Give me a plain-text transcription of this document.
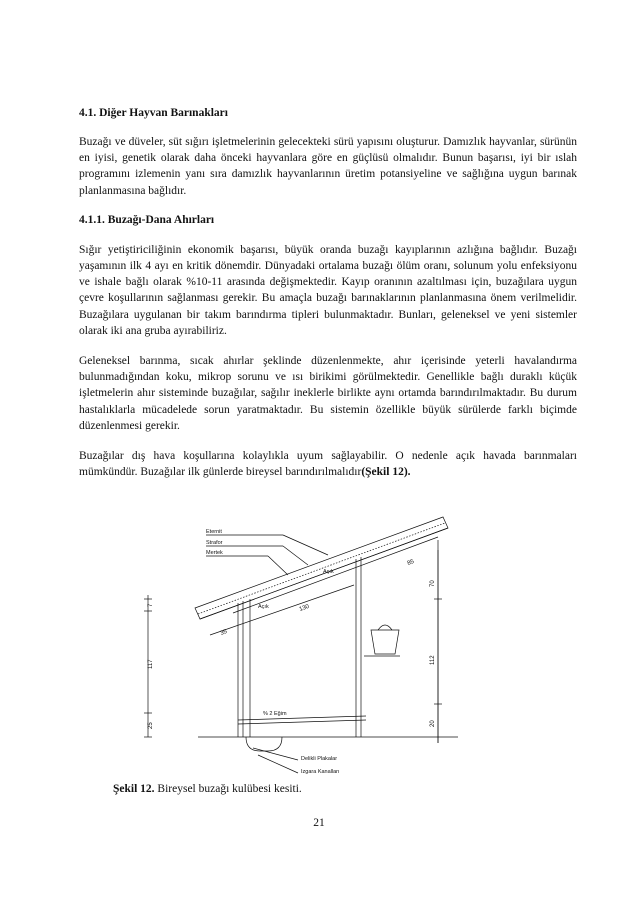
4.1. Diğer Hayvan Barınakları

Buzağı ve düveler, süt sığırı işletmelerinin gelecekteki sürü yapısını oluşturur. Damızlık hayvanlar, sürünün en iyisi, genetik olarak daha önceki hayvanlara göre en güçlüsü olmalıdır. Bunun başarısı, iyi bir ıslah programını izlemenin yanı sıra damızlık hayvanlarının üretim potansiyeline ve sağlığına uygun barınak planlanmasına bağlıdır.

4.1.1. Buzağı-Dana Ahırları

Sığır yetiştiriciliğinin ekonomik başarısı, büyük oranda buzağı kayıplarının azlığına bağlıdır. Buzağı yaşamının ilk 4 ayı en kritik dönemdir. Dünyadaki ortalama buzağı ölüm oranı, solunum yolu enfeksiyonu ve ishale bağlı olarak %10-11 arasında değişmektedir. Kayıp oranının azaltılması için, buzağılara uygun çevre koşullarının sağlanması gerekir. Bu amaçla buzağı barınaklarının planlanmasına önem verilmelidir. Buzağılara uygulanan bir takım barındırma tipleri bulunmaktadır. Bunları, geleneksel ve yeni sistemler olarak iki ana gruba ayırabiliriz.

Geleneksel barınma, sıcak ahırlar şeklinde düzenlenmekte, ahır içerisinde yeterli havalandırma bulunmadığından koku, mikrop sorunu ve ısı birikimi görülmektedir. Genellikle bağlı duraklı küçük işletmelerin ahır sisteminde buzağılar, sağılır ineklerle birlikte aynı ortamda barındırılmaktadır. Bu durum hastalıklarla mücadelede sorun yaratmaktadır. Bu sistemin özellikle büyük sürülerde farklı biçimde düzenlenmesi gerekir.

Buzağılar dış hava koşullarına kolaylıkla uyum sağlayabilir. O nedenle açık havada barınmaları mümkündür. Buzağılar ilk günlerde bireysel barındırılmalıdır(Şekil 12).

Eternit
Strafor
Mertek
Açık
Açık
% 2 Eğim
Delikli Plakalar
Izgara Kanalları
7
117
25
130
35
85
70
112
20
Şekil 12. Bireysel buzağı kulübesi kesiti.
21
